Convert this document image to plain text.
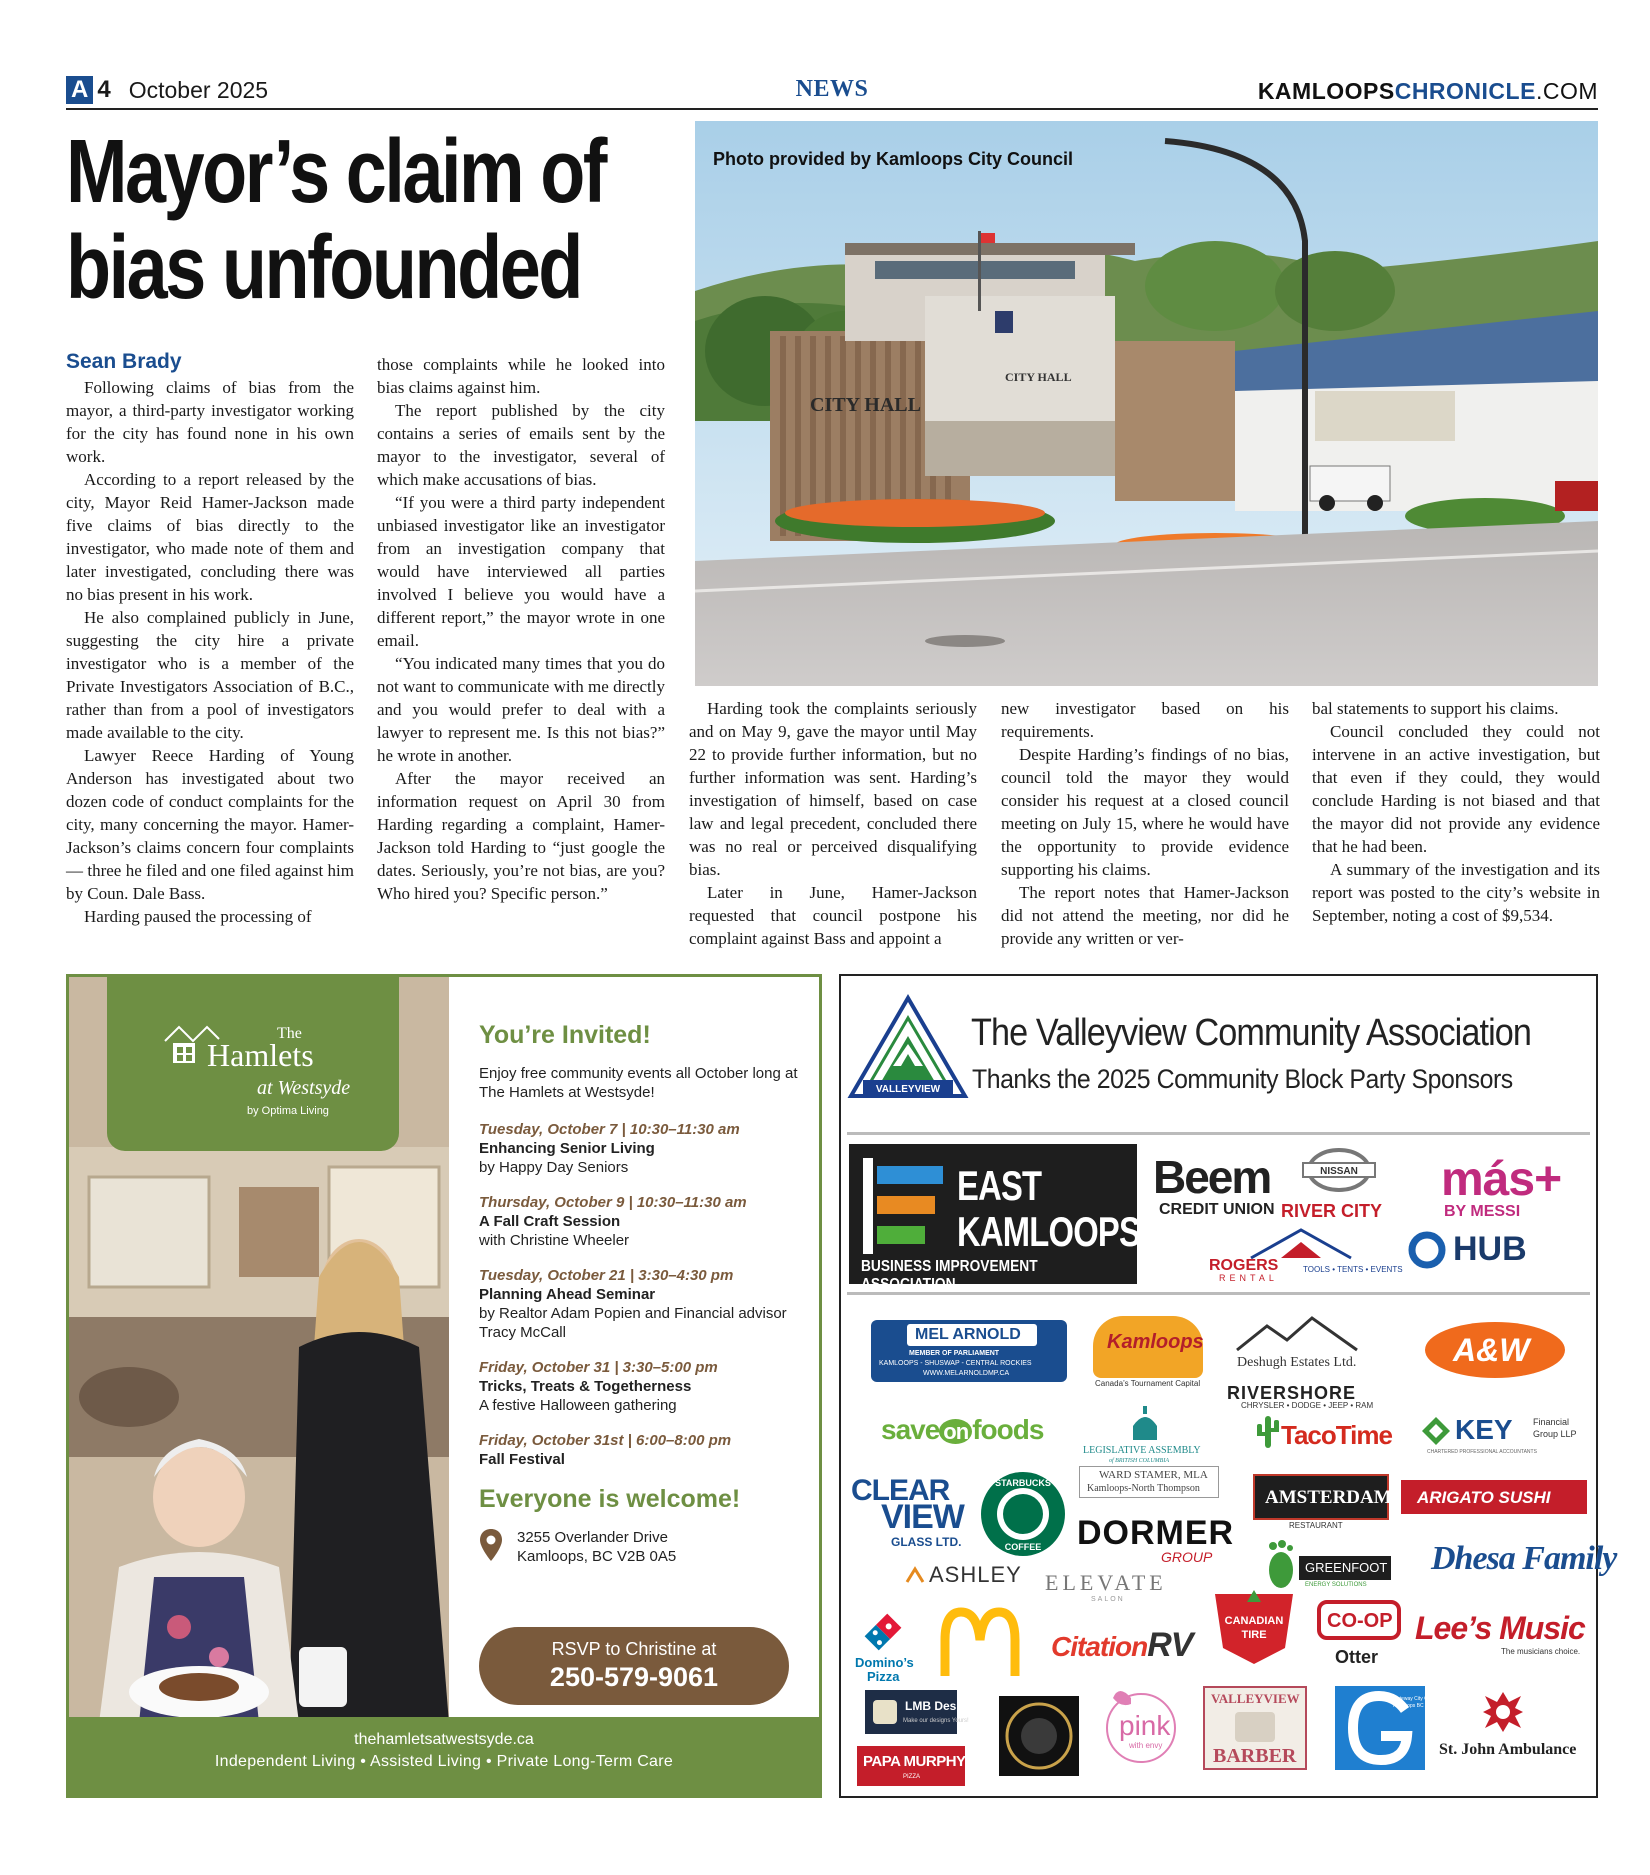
A 4 October 2025	NEWS	KAMLOOPSCHRONICLE.COM
Mayor’s claim of
bias unfounded
CITY HALL
CITY HALL
Photo provided by Kamloops City Council
Sean Brady

Following claims of bias from the mayor, a third-party investigator working for the city has found none in his own work.

According to a report released by the city, Mayor Reid Hamer-Jackson made five claims of bias directly to the investigator, who made note of them and later investigated, concluding there was no bias present in his work.

He also complained publicly in June, suggesting the city hire a private investigator who is a member of the Private Investigators Association of B.C., rather than from a pool of investigators made available to the city.

Lawyer Reece Harding of Young Anderson has investigated about two dozen code of conduct complaints for the city, many concerning the mayor. Hamer-Jackson’s claims concern four complaints — three he filed and one filed against him by Coun. Dale Bass.

Harding paused the processing of

those complaints while he looked into bias claims against him.

The report published by the city contains a series of emails sent by the mayor to the investigator, several of which make accusations of bias.

“If you were a third party independent unbiased investigator like an investigator from an investigation company that would have interviewed all parties involved I believe you would have a different report,” the mayor wrote in one email.

“You indicated many times that you do not want to communicate with me directly and you would prefer to deal with a lawyer to represent me. Is this not bias?” he wrote in another.

After the mayor received an information request on April 30 from Harding regarding a complaint, Hamer-Jackson told Harding to “just google the dates. Seriously, you’re not bias, are you? Who hired you? Specific person.”

Harding took the complaints seriously and on May 9, gave the mayor until May 22 to provide further information, but no further information was sent. Harding’s investigation of himself, based on case law and legal precedent, concluded there was no real or perceived disqualifying bias.

Later in June, Hamer-Jackson requested that council postpone his complaint against Bass and appoint a

new investigator based on his requirements.

Despite Harding’s findings of no bias, council told the mayor they would consider his request at a closed council meeting on July 15, where he would have the opportunity to provide evidence supporting his claims.

The report notes that Hamer-Jackson did not attend the meeting, nor did he provide any written or ver-

bal statements to support his claims.

Council concluded they could not intervene in an active investigation, but that even if they could, they would conclude Harding is not biased and that the mayor did not provide any evidence that he had been.

A summary of the investigation and its report was posted to the city’s website in September, noting a cost of $9,534.

The
Hamlets
at Westsyde
by Optima Living
You’re Invited!
Enjoy free community events all October long at The Hamlets at Westsyde!
Tuesday, October 7 | 10:30–11:30 am
Enhancing Senior Living
by Happy Day Seniors
Thursday, October 9 | 10:30–11:30 am
A Fall Craft Session
with Christine Wheeler
Tuesday, October 21 | 3:30–4:30 pm
Planning Ahead Seminar
by Realtor Adam Popien and Financial advisor Tracy McCall
Friday, October 31 | 3:30–5:00 pm
Tricks, Treats & Togetherness
A festive Halloween gathering
Friday, October 31st | 6:00–8:00 pm
Fall Festival
Everyone is welcome!
3255 Overlander Drive
Kamloops, BC V2B 0A5
RSVP to Christine at
250-579-9061
thehamletsatwestsyde.ca
Independent Living • Assisted Living • Private Long-Term Care
VALLEYVIEW
The Valleyview Community Association
Thanks the 2025 Community Block Party Sponsors
EAST
KAMLOOPS
BUSINESS IMPROVEMENT ASSOCIATION
Beem
CREDIT UNION
NISSAN
RIVER CITY
más+
BY MESSI
ROGERS
RENTAL
TOOLS • TENTS • EVENTS
HUB
MEL ARNOLD
MEMBER OF PARLIAMENT
KAMLOOPS - SHUSWAP - CENTRAL ROCKIES
WWW.MELARNOLDMP.CA
Kamloops
Canada’s Tournament Capital
Deshugh Estates Ltd.	A&W
RIVERSHORE
CHRYSLER • DODGE • JEEP • RAM
save on foods
LEGISLATIVE ASSEMBLY
of BRITISH COLUMBIA
WARD STAMER, MLA
Kamloops-North Thompson
TacoTime KEY Financial
Group LLP
CHARTERED PROFESSIONAL ACCOUNTANTS
CLEAR
VIEW
GLASS LTD.
STARBUCKS
COFFEE DORMER
GROUP
AMSTERDAM
RESTAURANT
ARIGATO SUSHI
ASHLEY ELEVATE
SALON
GREENFOOT
ENERGY SOLUTIONS
Dhesa Family
Domino’s
Pizza
CitationRV
CANADIAN
TIRE
CO-OP
Otter
Lee’s Music
The musicians choice.
LMB Designs
Make our designs Yours!
PAPA MURPHY’S
PIZZA
pink
with envy
VALLEYVIEW
BARBER
Gateway City Church
Kamloops BC Canada
St. John Ambulance
